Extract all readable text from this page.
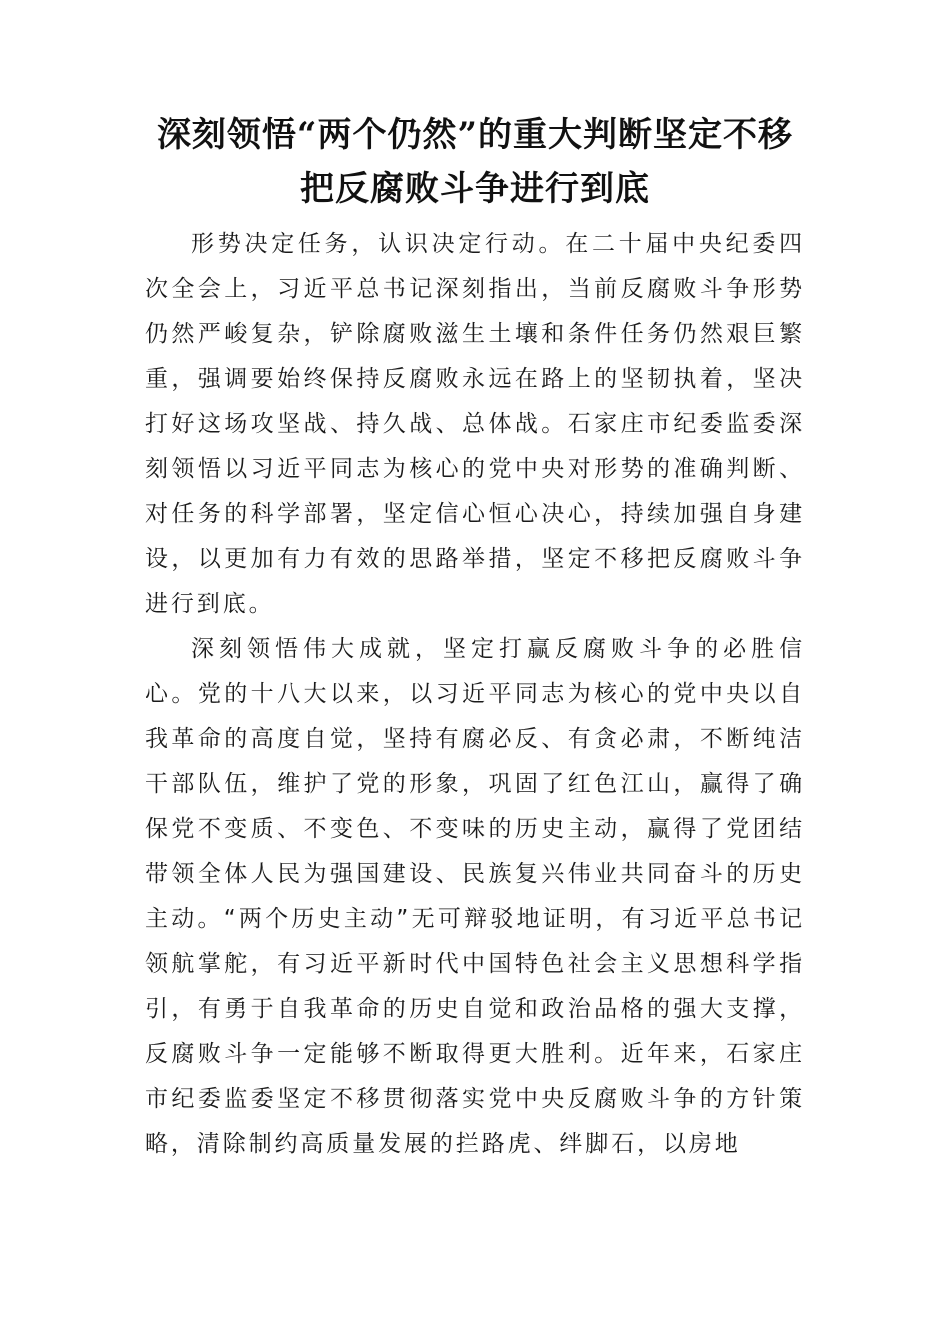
深刻领悟“两个仍然”的重大判断坚定不移把反腐败斗争进行到底

形势决定任务，认识决定行动。在二十届中央纪委四次全会上，习近平总书记深刻指出，当前反腐败斗争形势仍然严峻复杂，铲除腐败滋生土壤和条件任务仍然艰巨繁重，强调要始终保持反腐败永远在路上的坚韧执着，坚决打好这场攻坚战、持久战、总体战。石家庄市纪委监委深刻领悟以习近平同志为核心的党中央对形势的准确判断、对任务的科学部署，坚定信心恒心决心，持续加强自身建设，以更加有力有效的思路举措，坚定不移把反腐败斗争进行到底。

深刻领悟伟大成就，坚定打赢反腐败斗争的必胜信心。党的十八大以来，以习近平同志为核心的党中央以自我革命的高度自觉，坚持有腐必反、有贪必肃，不断纯洁干部队伍，维护了党的形象，巩固了红色江山，赢得了确保党不变质、不变色、不变味的历史主动，赢得了党团结带领全体人民为强国建设、民族复兴伟业共同奋斗的历史主动。“两个历史主动”无可辩驳地证明，有习近平总书记领航掌舵，有习近平新时代中国特色社会主义思想科学指引，有勇于自我革命的历史自觉和政治品格的强大支撑，反腐败斗争一定能够不断取得更大胜利。近年来，石家庄市纪委监委坚定不移贯彻落实党中央反腐败斗争的方针策略，清除制约高质量发展的拦路虎、绊脚石，以房地
